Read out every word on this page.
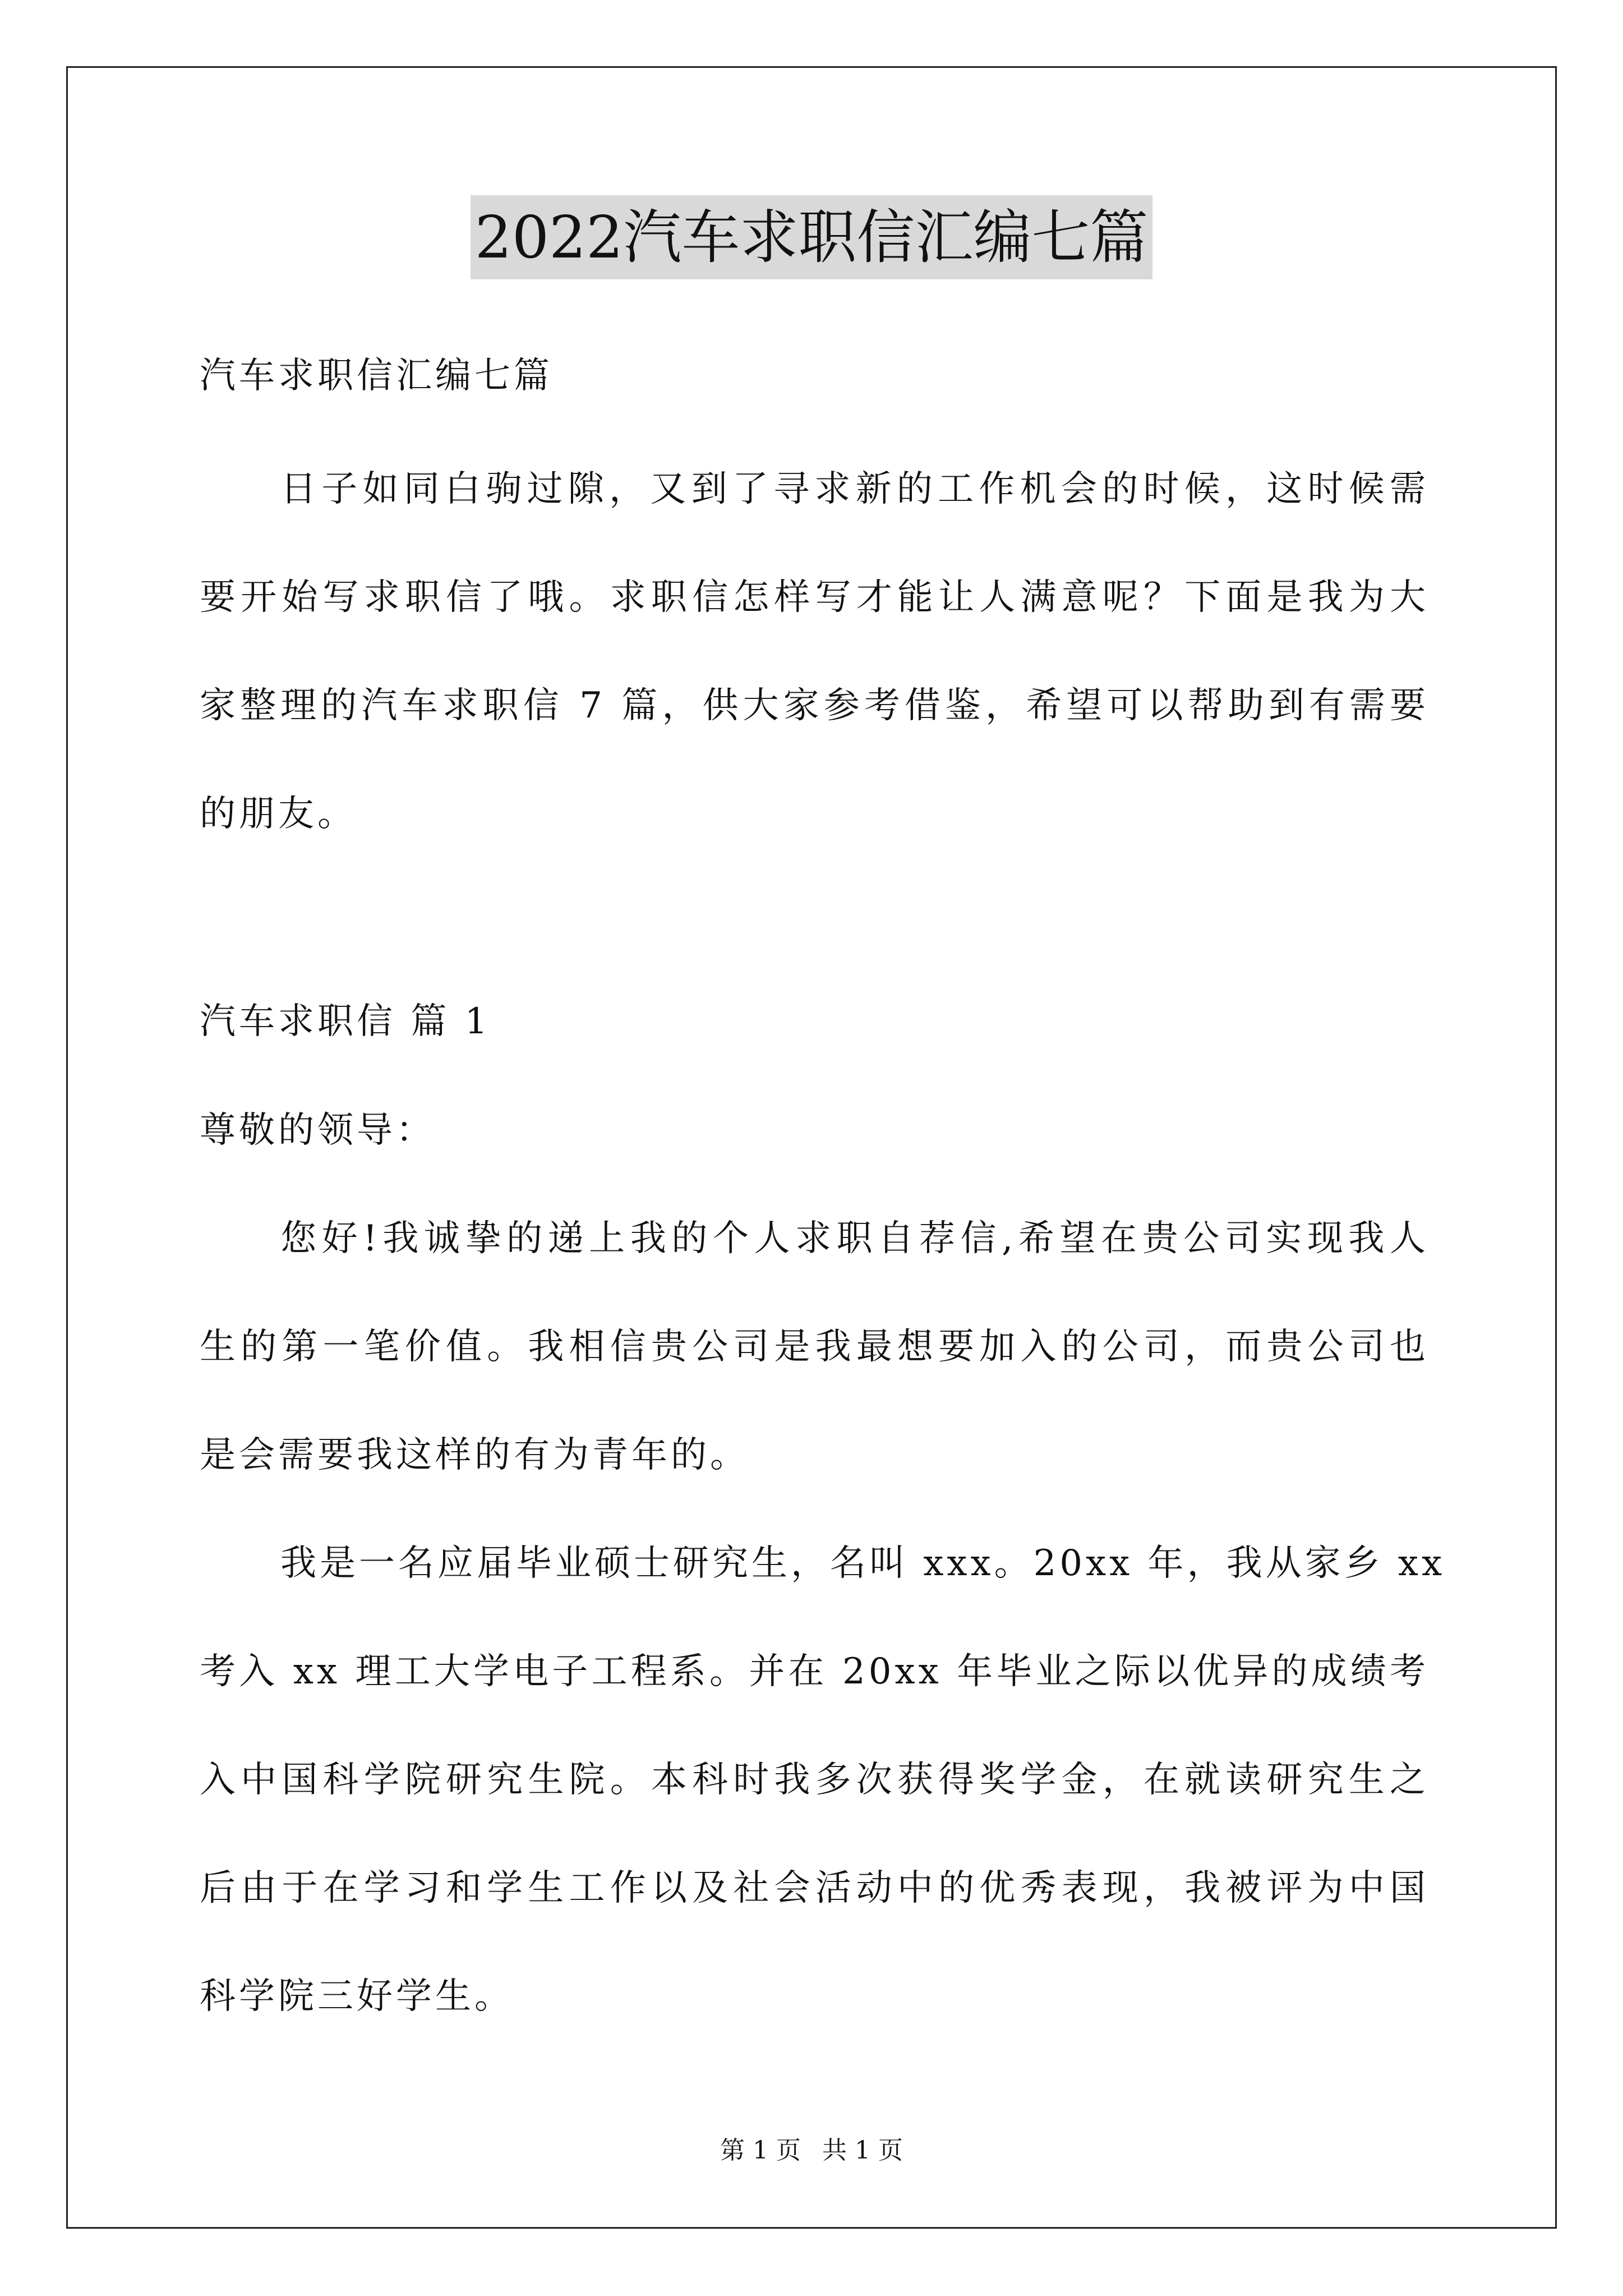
2022汽车求职信汇编七篇
汽车求职信汇编七篇
日子如同白驹过隙，又到了寻求新的工作机会的时候，这时候需
要开始写求职信了哦。求职信怎样写才能让人满意呢？下面是我为大
家整理的汽车求职信 7 篇，供大家参考借鉴，希望可以帮助到有需要
的朋友。
汽车求职信 篇 1
尊敬的领导：
您好!我诚挚的递上我的个人求职自荐信,希望在贵公司实现我人
生的第一笔价值。我相信贵公司是我最想要加入的公司，而贵公司也
是会需要我这样的有为青年的。
我是一名应届毕业硕士研究生，名叫 xxx。20xx 年，我从家乡 xx
考入 xx 理工大学电子工程系。并在 20xx 年毕业之际以优异的成绩考
入中国科学院研究生院。本科时我多次获得奖学金，在就读研究生之
后由于在学习和学生工作以及社会活动中的优秀表现，我被评为中国
科学院三好学生。
第 1 页 共 1 页
